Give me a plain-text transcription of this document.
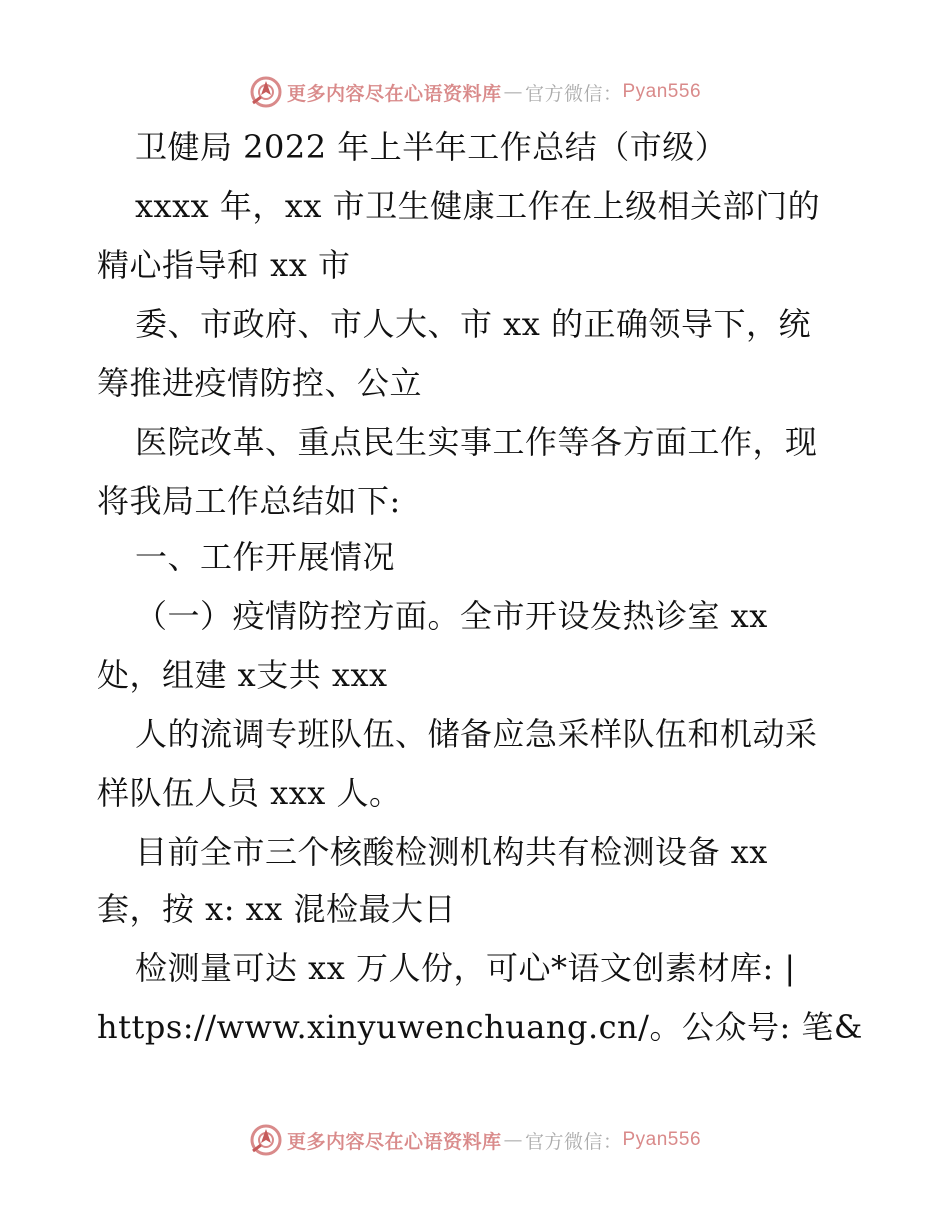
更多内容尽在心语资料库 — 官方微信： Pyan556
卫健局 2022 年上半年工作总结（市级）
xxxx 年，xx 市卫生健康工作在上级相关部门的
精心指导和 xx 市
委、市政府、市人大、市 xx 的正确领导下，统
筹推进疫情防控、公立
医院改革、重点民生实事工作等各方面工作，现
将我局工作总结如下:
一、工作开展情况
（一）疫情防控方面。全市开设发热诊室 xx
处，组建 x支共 xxx
人的流调专班队伍、储备应急采样队伍和机动采
样队伍人员 xxx 人。
目前全市三个核酸检测机构共有检测设备 xx
套，按 x: xx 混检最大日
检测量可达 xx 万人份，可心*语文创素材库: |
https://www.xinyuwenchuang.cn/。公众号: 笔&
更多内容尽在心语资料库 — 官方微信： Pyan556
